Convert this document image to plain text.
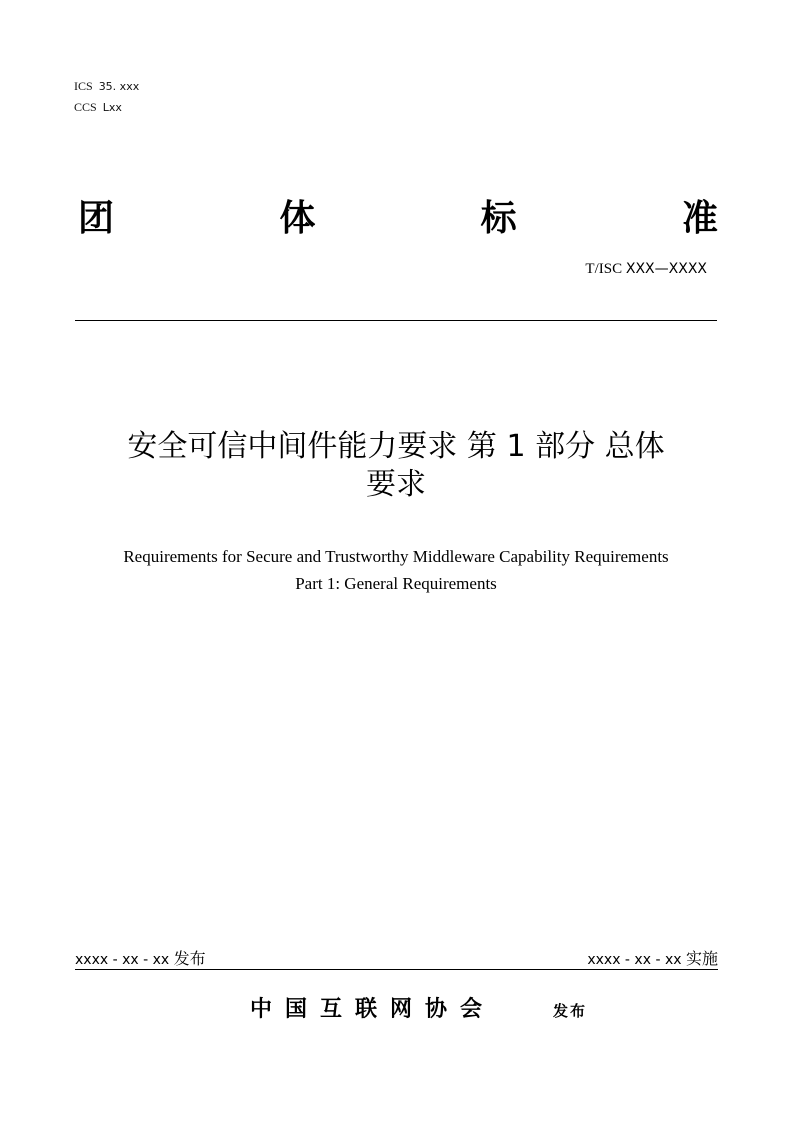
ICS 35. xxx
CCS Lxx
团	体	标	准
T/ISC XXX—XXXX
安全可信中间件能力要求 第 1 部分 总体
要求
Requirements for Secure and Trustworthy Middleware Capability Requirements
Part 1: General Requirements
xxxx - xx - xx 发布	xxxx - xx - xx 实施
中国互联网协会	发布
